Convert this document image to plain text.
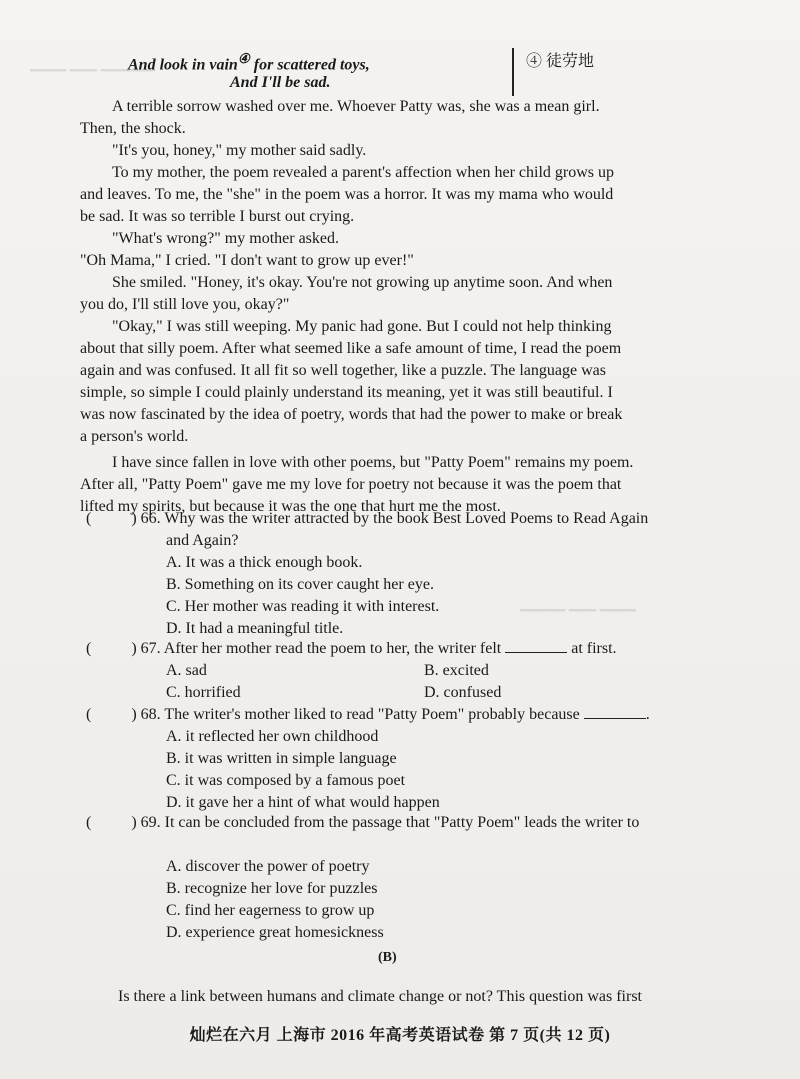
━━━━ ━━━ ━━━━━━
━━━━━ ━━━ ━━━━
And look in vain④ for scattered toys,
And I'll be sad.
④ 徒劳地
A terrible sorrow washed over me. Whoever Patty was, she was a mean girl.
Then, the shock.
"It's you, honey," my mother said sadly.
To my mother, the poem revealed a parent's affection when her child grows up
and leaves. To me, the "she" in the poem was a horror. It was my mama who would
be sad. It was so terrible I burst out crying.
"What's wrong?" my mother asked.
"Oh Mama," I cried. "I don't want to grow up ever!"
She smiled. "Honey, it's okay. You're not growing up anytime soon. And when
you do, I'll still love you, okay?"
"Okay," I was still weeping. My panic had gone. But I could not help thinking
about that silly poem. After what seemed like a safe amount of time, I read the poem
again and was confused. It all fit so well together, like a puzzle. The language was
simple, so simple I could plainly understand its meaning, yet it was still beautiful. I
was now fascinated by the idea of poetry, words that had the power to make or break
a person's world.
I have since fallen in love with other poems, but "Patty Poem" remains my poem.
After all, "Patty Poem" gave me my love for poetry not because it was the poem that
lifted my spirits, but because it was the one that hurt me the most.
(	) 66. Why was the writer attracted by the book Best Loved Poems to Read Again
and Again?
A. It was a thick enough book.
B. Something on its cover caught her eye.
C. Her mother was reading it with interest.
D. It had a meaningful title.
(	) 67. After her mother read the poem to her, the writer felt	at first.
A. sad	B. excited
C. horrified	D. confused
(	) 68. The writer's mother liked to read "Patty Poem" probably because	.
A. it reflected her own childhood
B. it was written in simple language
C. it was composed by a famous poet
D. it gave her a hint of what would happen
(	) 69. It can be concluded from the passage that "Patty Poem" leads the writer to
A. discover the power of poetry
B. recognize her love for puzzles
C. find her eagerness to grow up
D. experience great homesickness
(B)
Is there a link between humans and climate change or not? This question was first
灿烂在六月 上海市 2016 年高考英语试卷 第 7 页(共 12 页)
